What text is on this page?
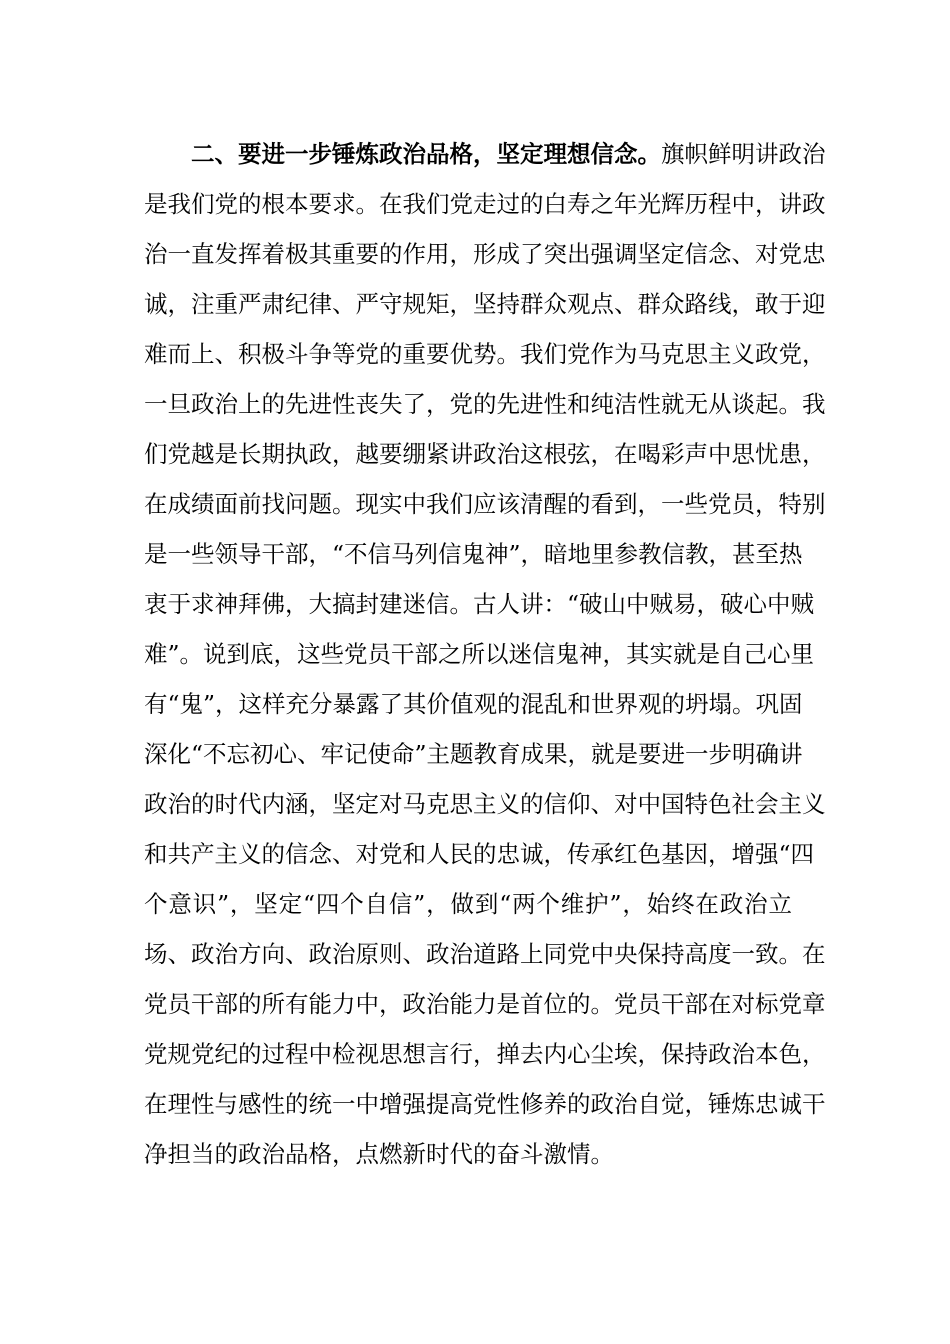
二、要进一步锤炼政治品格，坚定理想信念。旗帜鲜明讲政治
是我们党的根本要求。在我们党走过的白寿之年光辉历程中，讲政
治一直发挥着极其重要的作用，形成了突出强调坚定信念、对党忠
诚，注重严肃纪律、严守规矩，坚持群众观点、群众路线，敢于迎
难而上、积极斗争等党的重要优势。我们党作为马克思主义政党，
一旦政治上的先进性丧失了，党的先进性和纯洁性就无从谈起。我
们党越是长期执政，越要绷紧讲政治这根弦，在喝彩声中思忧患，
在成绩面前找问题。现实中我们应该清醒的看到，一些党员，特别
是一些领导干部，“不信马列信鬼神”，暗地里参教信教，甚至热
衷于求神拜佛，大搞封建迷信。古人讲：“破山中贼易，破心中贼
难”。说到底，这些党员干部之所以迷信鬼神，其实就是自己心里
有“鬼”，这样充分暴露了其价值观的混乱和世界观的坍塌。巩固
深化“不忘初心、牢记使命”主题教育成果，就是要进一步明确讲
政治的时代内涵，坚定对马克思主义的信仰、对中国特色社会主义
和共产主义的信念、对党和人民的忠诚，传承红色基因，增强“四
个意识”，坚定“四个自信”，做到“两个维护”，始终在政治立
场、政治方向、政治原则、政治道路上同党中央保持高度一致。在
党员干部的所有能力中，政治能力是首位的。党员干部在对标党章
党规党纪的过程中检视思想言行，掸去内心尘埃，保持政治本色，
在理性与感性的统一中增强提高党性修养的政治自觉，锤炼忠诚干
净担当的政治品格，点燃新时代的奋斗激情。
